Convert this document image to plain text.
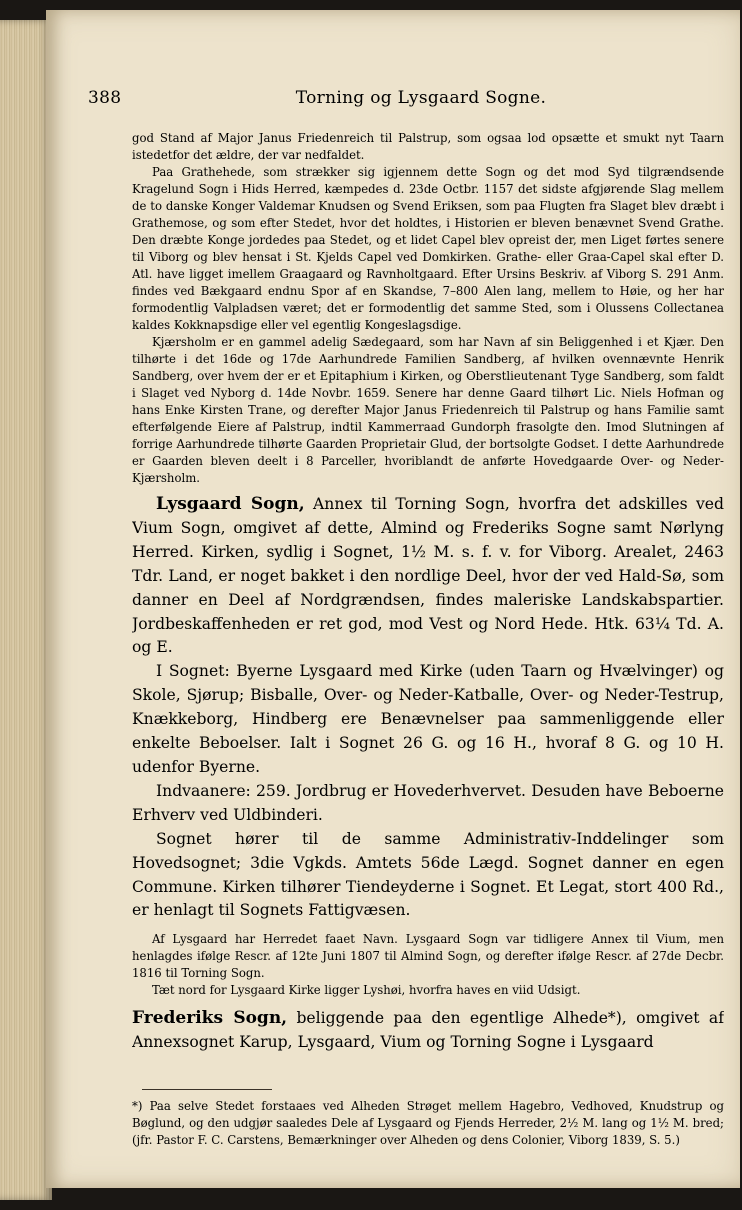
388	Torning og Lysgaard Sogne.

god Stand af Major Janus Friedenreich til Palstrup, som ogsaa lod opsætte et smukt nyt Taarn istedetfor det ældre, der var nedfaldet.

Paa Grathehede, som strækker sig igjennem dette Sogn og det mod Syd tilgrændsende Kragelund Sogn i Hids Herred, kæmpedes d. 23de Octbr. 1157 det sidste afgjørende Slag mellem de to danske Konger Valdemar Knudsen og Svend Eriksen, som paa Flugten fra Slaget blev dræbt i Grathemose, og som efter Stedet, hvor det holdtes, i Historien er bleven benævnet Svend Grathe. Den dræbte Konge jordedes paa Stedet, og et lidet Capel blev opreist der, men Liget førtes senere til Viborg og blev hensat i St. Kjelds Capel ved Domkirken. Grathe- eller Graa-Capel skal efter D. Atl. have ligget imellem Graagaard og Ravnholtgaard. Efter Ursins Beskriv. af Viborg S. 291 Anm. findes ved Bækgaard endnu Spor af en Skandse, 7–800 Alen lang, mellem to Høie, og her har formodentlig Valpladsen været; det er formodentlig det samme Sted, som i Olussens Collectanea kaldes Kokknapsdige eller vel egentlig Kongeslagsdige.

Kjærsholm er en gammel adelig Sædegaard, som har Navn af sin Beliggenhed i et Kjær. Den tilhørte i det 16de og 17de Aarhundrede Familien Sandberg, af hvilken ovennævnte Henrik Sandberg, over hvem der er et Epitaphium i Kirken, og Oberstlieutenant Tyge Sandberg, som faldt i Slaget ved Nyborg d. 14de Novbr. 1659. Senere har denne Gaard tilhørt Lic. Niels Hofman og hans Enke Kirsten Trane, og derefter Major Janus Friedenreich til Palstrup og hans Familie samt efterfølgende Eiere af Palstrup, indtil Kammerraad Gundorph frasolgte den. Imod Slutningen af forrige Aarhundrede tilhørte Gaarden Proprietair Glud, der bortsolgte Godset. I dette Aarhundrede er Gaarden bleven deelt i 8 Parceller, hvoriblandt de anførte Hovedgaarde Over- og Neder-Kjærsholm.

Lysgaard Sogn, Annex til Torning Sogn, hvorfra det adskilles ved Vium Sogn, omgivet af dette, Almind og Frederiks Sogne samt Nørlyng Herred. Kirken, sydlig i Sognet, 1½ M. s. f. v. for Viborg. Arealet, 2463 Tdr. Land, er noget bakket i den nordlige Deel, hvor der ved Hald-Sø, som danner en Deel af Nordgrændsen, findes maleriske Landskabspartier. Jordbeskaffenheden er ret god, mod Vest og Nord Hede. Htk. 63¼ Td. A. og E.

I Sognet: Byerne Lysgaard med Kirke (uden Taarn og Hvælvinger) og Skole, Sjørup; Bisballe, Over- og Neder-Katballe, Over- og Neder-Testrup, Knækkeborg, Hindberg ere Benævnelser paa sammenliggende eller enkelte Beboelser. Ialt i Sognet 26 G. og 16 H., hvoraf 8 G. og 10 H. udenfor Byerne.

Indvaanere: 259. Jordbrug er Hovederhvervet. Desuden have Beboerne Erhverv ved Uldbinderi.

Sognet hører til de samme Administrativ-Inddelinger som Hovedsognet; 3die Vgkds. Amtets 56de Lægd. Sognet danner en egen Commune. Kirken tilhører Tiendeyderne i Sognet. Et Legat, stort 400 Rd., er henlagt til Sognets Fattigvæsen.

Af Lysgaard har Herredet faaet Navn. Lysgaard Sogn var tidligere Annex til Vium, men henlagdes ifølge Rescr. af 12te Juni 1807 til Almind Sogn, og derefter ifølge Rescr. af 27de Decbr. 1816 til Torning Sogn.

Tæt nord for Lysgaard Kirke ligger Lyshøi, hvorfra haves en viid Udsigt.

Frederiks Sogn, beliggende paa den egentlige Alhede*), omgivet af Annexsognet Karup, Lysgaard, Vium og Torning Sogne i Lysgaard

*) Paa selve Stedet forstaaes ved Alheden Strøget mellem Hagebro, Vedhoved, Knudstrup og Bøglund, og den udgjør saaledes Dele af Lysgaard og Fjends Herreder, 2½ M. lang og 1½ M. bred; (jfr. Pastor F. C. Carstens, Bemærkninger over Alheden og dens Colonier, Viborg 1839, S. 5.)
